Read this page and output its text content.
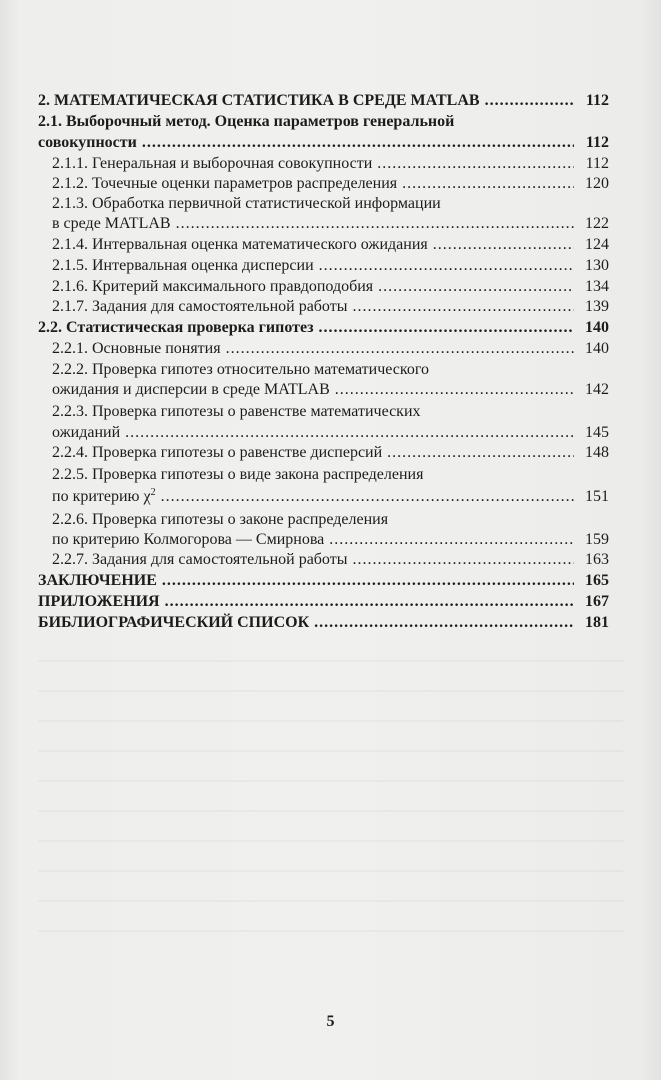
2. МАТЕМАТИЧЕСКАЯ СТАТИСТИКА В СРЕДЕ MATLAB .....	112
2.1. Выборочный метод. Оценка параметров генеральной
совокупности .....	112
2.1.1. Генеральная и выборочная совокупности .....	112
2.1.2. Точечные оценки параметров распределения .....	120
2.1.3. Обработка первичной статистической информации
в среде MATLAB .....	122
2.1.4. Интервальная оценка математического ожидания .....	124
2.1.5. Интервальная оценка дисперсии .....	130
2.1.6. Критерий максимального правдоподобия .....	134
2.1.7. Задания для самостоятельной работы .....	139
2.2. Статистическая проверка гипотез .....	140
2.2.1. Основные понятия .....	140
2.2.2. Проверка гипотез относительно математического
ожидания и дисперсии в среде MATLAB .....	142
2.2.3. Проверка гипотезы о равенстве математических
ожиданий .....	145
2.2.4. Проверка гипотезы о равенстве дисперсий .....	148
2.2.5. Проверка гипотезы о виде закона распределения
по критерию $\chi^2$ .....	151
2.2.6. Проверка гипотезы о законе распределения
по критерию Колмогорова — Смирнова .....	159
2.2.7. Задания для самостоятельной работы .....	163
ЗАКЛЮЧЕНИЕ .....	165
ПРИЛОЖЕНИЯ .....	167
БИБЛИОГРАФИЧЕСКИЙ СПИСОК .....	181
5
